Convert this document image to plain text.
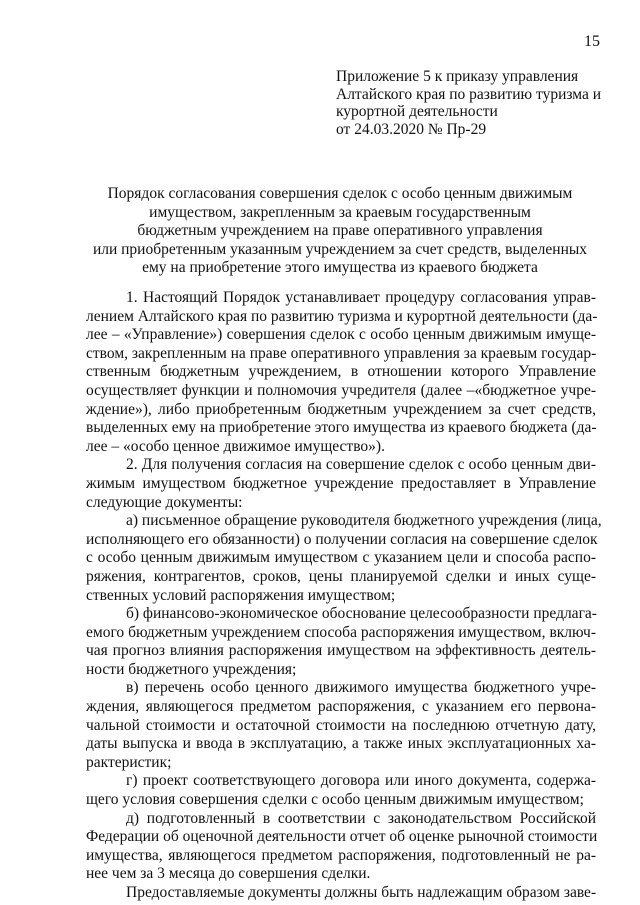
15
Приложение 5 к приказу управления
Алтайского края по развитию туризма и
курортной деятельности
от 24.03.2020 № Пр-29
Порядок согласования совершения сделок с особо ценным движимым
имуществом, закрепленным за краевым государственным
бюджетным учреждением на праве оперативного управления
или приобретенным указанным учреждением за счет средств, выделенных
ему на приобретение этого имущества из краевого бюджета
1. Настоящий Порядок устанавливает процедуру согласования управ-
лением Алтайского края по развитию туризма и курортной деятельности (да-
лее – «Управление») совершения сделок с особо ценным движимым имуще-
ством, закрепленным на праве оперативного управления за краевым государ-
ственным бюджетным учреждением, в отношении которого Управление
осуществляет функции и полномочия учредителя (далее –«бюджетное учре-
ждение»), либо приобретенным бюджетным учреждением за счет средств,
выделенных ему на приобретение этого имущества из краевого бюджета (да-
лее – «особо ценное движимое имущество»).
2. Для получения согласия на совершение сделок с особо ценным дви-
жимым имуществом бюджетное учреждение предоставляет в Управление
следующие документы:
а) письменное обращение руководителя бюджетного учреждения (лица,
исполняющего его обязанности) о получении согласия на совершение сделок
с особо ценным движимым имуществом с указанием цели и способа распо-
ряжения, контрагентов, сроков, цены планируемой сделки и иных суще-
ственных условий распоряжения имуществом;
б) финансово-экономическое обоснование целесообразности предлага-
емого бюджетным учреждением способа распоряжения имуществом, включ-
чая прогноз влияния распоряжения имуществом на эффективность деятель-
ности бюджетного учреждения;
в) перечень особо ценного движимого имущества бюджетного учре-
ждения, являющегося предметом распоряжения, с указанием его первона-
чальной стоимости и остаточной стоимости на последнюю отчетную дату,
даты выпуска и ввода в эксплуатацию, а также иных эксплуатационных ха-
рактеристик;
г) проект соответствующего договора или иного документа, содержа-
щего условия совершения сделки с особо ценным движимым имуществом;
д) подготовленный в соответствии с законодательством Российской
Федерации об оценочной деятельности отчет об оценке рыночной стоимости
имущества, являющегося предметом распоряжения, подготовленный не ра-
нее чем за 3 месяца до совершения сделки.
Предоставляемые документы должны быть надлежащим образом заве-
